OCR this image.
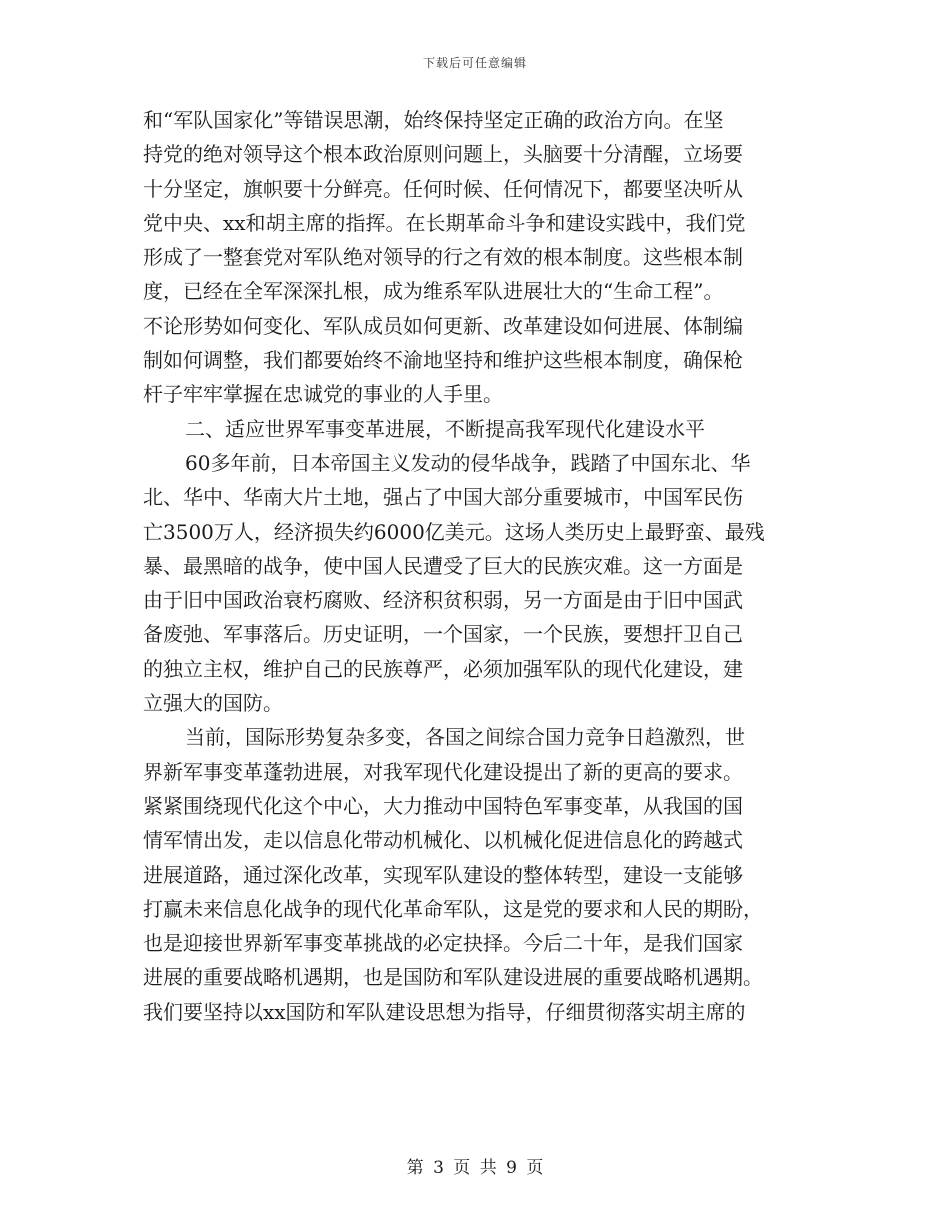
下载后可任意编辑
和“军队国家化”等错误思潮，始终保持坚定正确的政治方向。在坚
持党的绝对领导这个根本政治原则问题上，头脑要十分清醒，立场要
十分坚定，旗帜要十分鲜亮。任何时候、任何情况下，都要坚决听从
党中央、xx和胡主席的指挥。在长期革命斗争和建设实践中，我们党
形成了一整套党对军队绝对领导的行之有效的根本制度。这些根本制
度，已经在全军深深扎根，成为维系军队进展壮大的“生命工程”。
不论形势如何变化、军队成员如何更新、改革建设如何进展、体制编
制如何调整，我们都要始终不渝地坚持和维护这些根本制度，确保枪
杆子牢牢掌握在忠诚党的事业的人手里。
二、适应世界军事变革进展，不断提高我军现代化建设水平
60多年前，日本帝国主义发动的侵华战争，践踏了中国东北、华
北、华中、华南大片土地，强占了中国大部分重要城市，中国军民伤
亡3500万人，经济损失约6000亿美元。这场人类历史上最野蛮、最残
暴、最黑暗的战争，使中国人民遭受了巨大的民族灾难。这一方面是
由于旧中国政治衰朽腐败、经济积贫积弱，另一方面是由于旧中国武
备废弛、军事落后。历史证明，一个国家，一个民族，要想扞卫自己
的独立主权，维护自己的民族尊严，必须加强军队的现代化建设，建
立强大的国防。
当前，国际形势复杂多变，各国之间综合国力竞争日趋激烈，世
界新军事变革蓬勃进展，对我军现代化建设提出了新的更高的要求。
紧紧围绕现代化这个中心，大力推动中国特色军事变革，从我国的国
情军情出发，走以信息化带动机械化、以机械化促进信息化的跨越式
进展道路，通过深化改革，实现军队建设的整体转型，建设一支能够
打赢未来信息化战争的现代化革命军队，这是党的要求和人民的期盼，
也是迎接世界新军事变革挑战的必定抉择。今后二十年，是我们国家
进展的重要战略机遇期，也是国防和军队建设进展的重要战略机遇期。
我们要坚持以xx国防和军队建设思想为指导，仔细贯彻落实胡主席的
第 3 页 共 9 页
